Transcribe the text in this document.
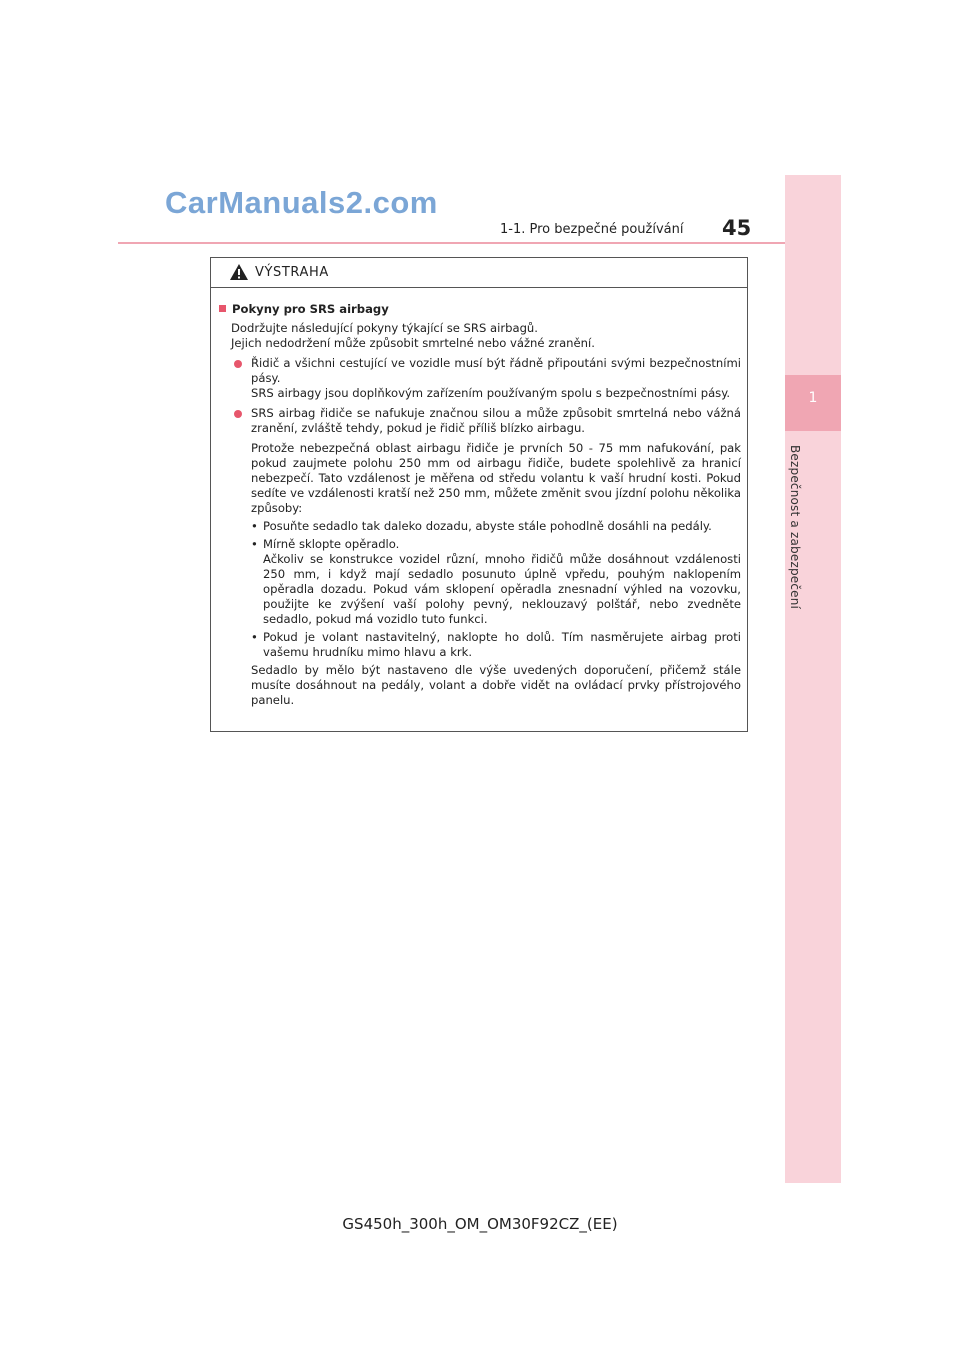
CarManuals2.com
1-1. Pro bezpečné používání 45
1
Bezpečnost a zabezpečení
VÝSTRAHA
Pokyny pro SRS airbagy
Dodržujte následující pokyny týkající se SRS airbagů.
Jejich nedodržení může způsobit smrtelné nebo vážné zranění.
Řidič a všichni cestující ve vozidle musí být řádně připoutáni svými bezpečnostními pásy.
SRS airbagy jsou doplňkovým zařízením používaným spolu s bezpečnostními pásy.
SRS airbag řidiče se nafukuje značnou silou a může způsobit smrtelná nebo vážná zranění, zvláště tehdy, pokud je řidič příliš blízko airbagu.
Protože nebezpečná oblast airbagu řidiče je prvních 50 - 75 mm nafukování, pak pokud zaujmete polohu 250 mm od airbagu řidiče, budete spolehlivě za hranicí nebezpečí. Tato vzdálenost je měřena od středu volantu k vaší hrudní kosti. Pokud sedíte ve vzdálenosti kratší než 250 mm, můžete změnit svou jízdní polohu několika způsoby:
• Posuňte sedadlo tak daleko dozadu, abyste stále pohodlně dosáhli na pedály.
• Mírně sklopte opěradlo.
Ačkoliv se konstrukce vozidel různí, mnoho řidičů může dosáhnout vzdálenosti 250 mm, i když mají sedadlo posunuto úplně vpředu, pouhým naklopením opěradla dozadu. Pokud vám sklopení opěradla znesnadní výhled na vozovku, použijte ke zvýšení vaší polohy pevný, neklouzavý polštář, nebo zvedněte sedadlo, pokud má vozidlo tuto funkci.
• Pokud je volant nastavitelný, naklopte ho dolů. Tím nasměrujete airbag proti vašemu hrudníku mimo hlavu a krk.
Sedadlo by mělo být nastaveno dle výše uvedených doporučení, přičemž stále musíte dosáhnout na pedály, volant a dobře vidět na ovládací prvky přístrojového panelu.
GS450h_300h_OM_OM30F92CZ_(EE)
